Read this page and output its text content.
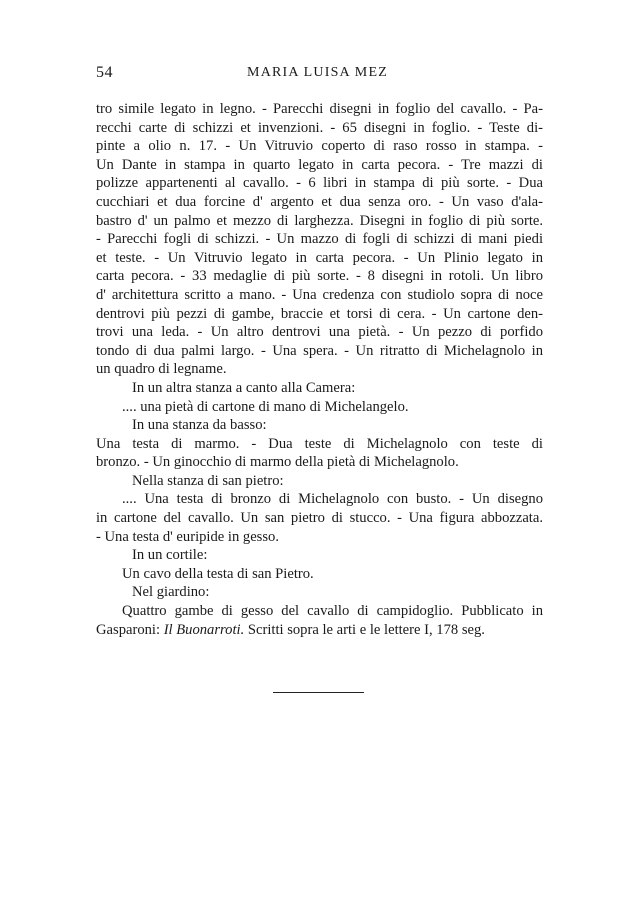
54	MARIA LUISA MEZ
tro simile legato in legno. - Parecchi disegni in foglio del cavallo. - Pa-
recchi carte di schizzi et invenzioni. - 65 disegni in foglio. - Teste di-
pinte a olio n. 17. - Un Vitruvio coperto di raso rosso in stampa. -
Un Dante in stampa in quarto legato in carta pecora. - Tre mazzi di
polizze appartenenti al cavallo. - 6 libri in stampa di più sorte. - Dua
cucchiari et dua forcine d' argento et dua senza oro. - Un vaso d'ala-
bastro d' un palmo et mezzo di larghezza. Disegni in foglio di più sorte.
- Parecchi fogli di schizzi. - Un mazzo di fogli di schizzi di mani piedi
et teste. - Un Vitruvio legato in carta pecora. - Un Plinio legato in
carta pecora. - 33 medaglie di più sorte. - 8 disegni in rotoli. Un libro
d' architettura scritto a mano. - Una credenza con studiolo sopra di noce
dentrovi più pezzi di gambe, braccie et torsi di cera. - Un cartone den-
trovi una leda. - Un altro dentrovi una pietà. - Un pezzo di porfido
tondo di dua palmi largo. - Una spera. - Un ritratto di Michelagnolo in
un quadro di legname.
In un altra stanza a canto alla Camera:
.... una pietà di cartone di mano di Michelangelo.
In una stanza da basso:
Una testa di marmo. - Dua teste di Michelagnolo con teste di
bronzo. - Un ginocchio di marmo della pietà di Michelagnolo.
Nella stanza di san pietro:
.... Una testa di bronzo di Michelagnolo con busto. - Un disegno
in cartone del cavallo. Un san pietro di stucco. - Una figura abbozzata.
- Una testa d' euripide in gesso.
In un cortile:
Un cavo della testa di san Pietro.
Nel giardino:
Quattro gambe di gesso del cavallo di campidoglio. Pubblicato in
Gasparoni: Il Buonarroti. Scritti sopra le arti e le lettere I, 178 seg.
